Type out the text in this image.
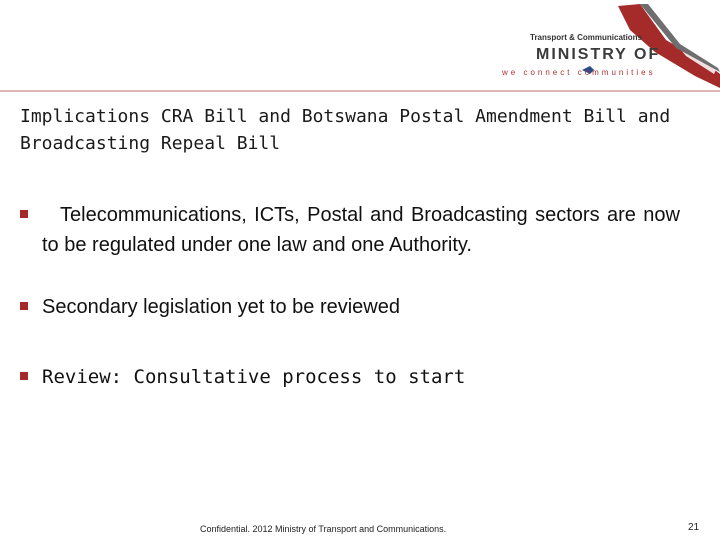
Transport & Communications
MINISTRY OF
we connect communities
Implications CRA Bill and Botswana Postal Amendment Bill and Broadcasting Repeal Bill
Telecommunications, ICTs, Postal and Broadcasting sectors are now to be regulated under one law and one Authority.
Secondary legislation yet to be reviewed
Review: Consultative process to start
Confidential. 2012 Ministry of Transport and Communications.	21
